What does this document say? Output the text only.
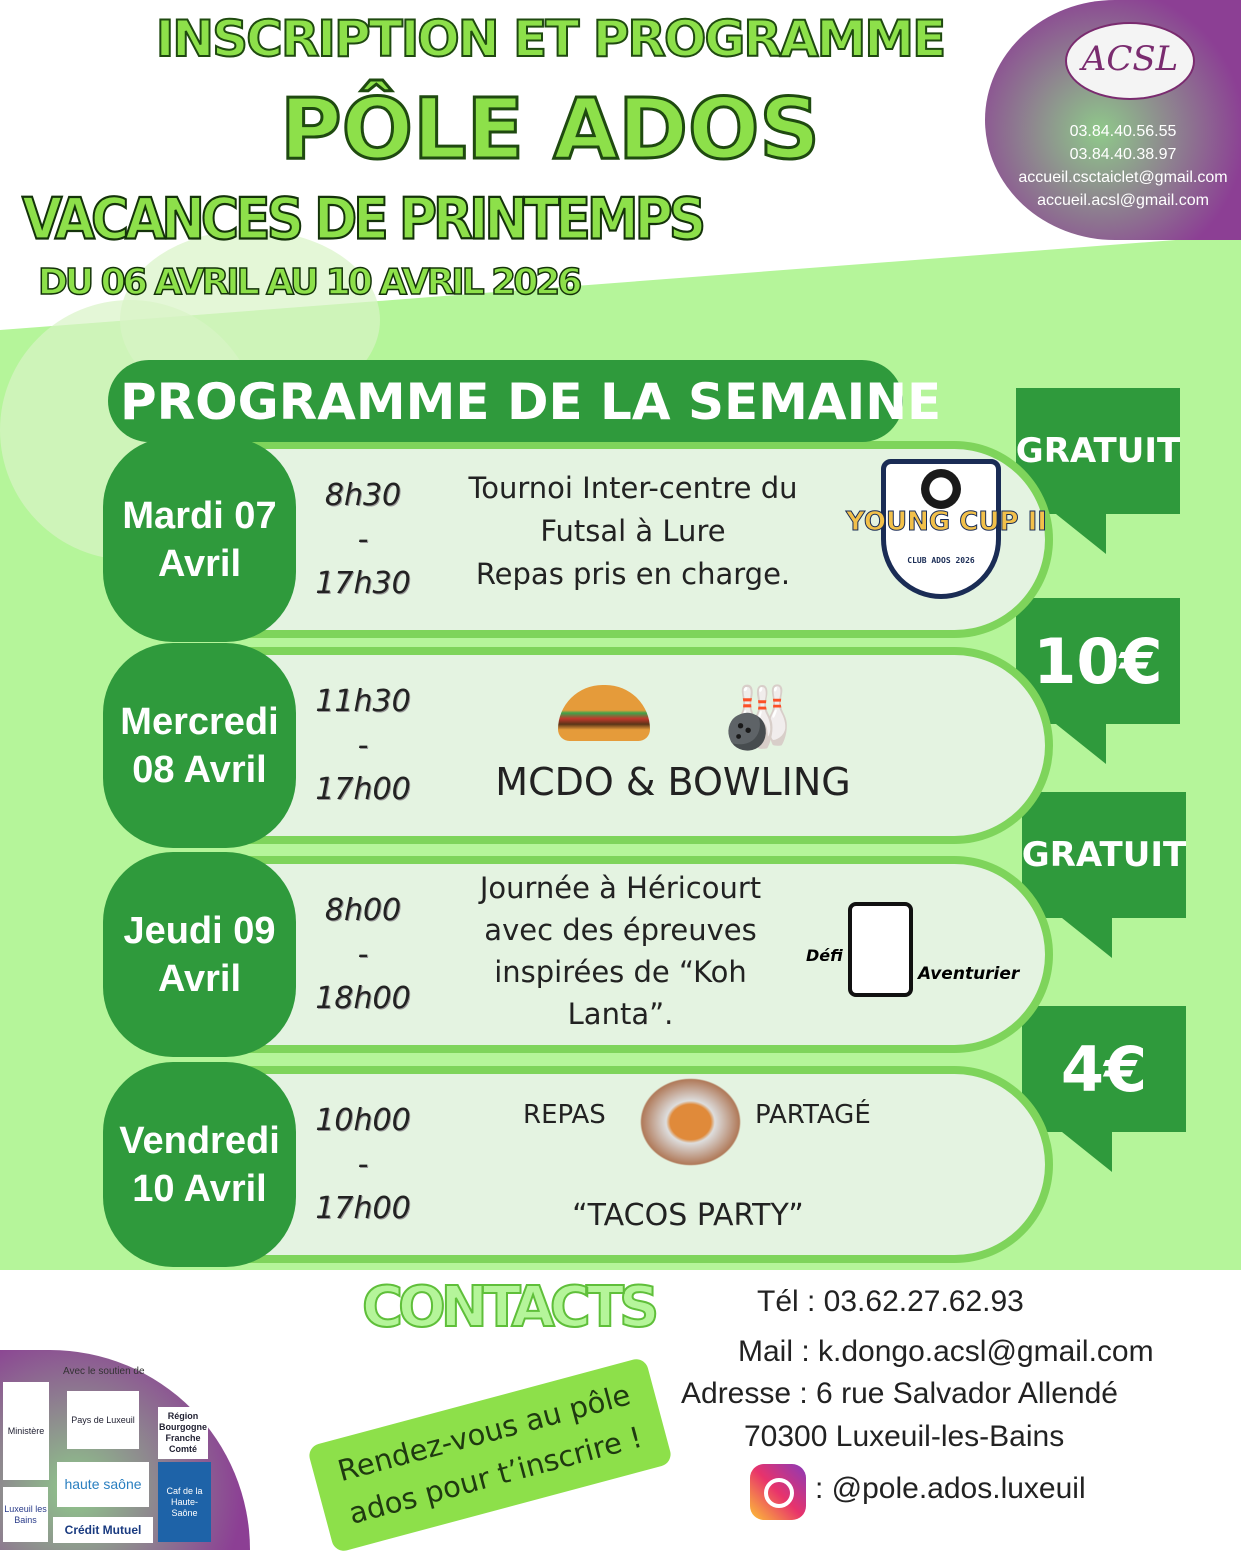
INSCRIPTION ET PROGRAMME
PÔLE ADOS
VACANCES DE PRINTEMPS
DU 06 AVRIL AU 10 AVRIL 2026
ACSL
03.84.40.56.55
03.84.40.38.97
accueil.csctaiclet@gmail.com
accueil.acsl@gmail.com
GRATUIT
10€
GRATUIT
4€
Mardi 07
Avril
8h30
-
17h30
Tournoi Inter-centre du
Futsal à Lure
Repas pris en charge.	CLUB ADOS 2026
YOUNG CUP II
Mercredi
08 Avril
11h30
-
17h00
🎳
MCDO & BOWLING
Jeudi 09
Avril
8h00
-
18h00
Journée à Héricourt
avec des épreuves
inspirées de “Koh
Lanta”.
Défi
Aventurier
Vendredi
10 Avril
10h00
-
17h00
REPAS	PARTAGÉ
“TACOS PARTY”
PROGRAMME DE LA SEMAINE
CONTACTS	Tél : 03.62.27.62.93
Mail : k.dongo.acsl@gmail.com
Adresse : 6 rue Salvador Allendé
70300 Luxeuil-les-Bains
: @pole.ados.luxeuil
Rendez-vous au pôle ados pour t’inscrire !
Avec le soutien de
Ministère
Pays de Luxeuil	Région Bourgogne Franche Comté
haute saône
Luxeuil les Bains
Crédit Mutuel
Caf de la Haute-Saône
